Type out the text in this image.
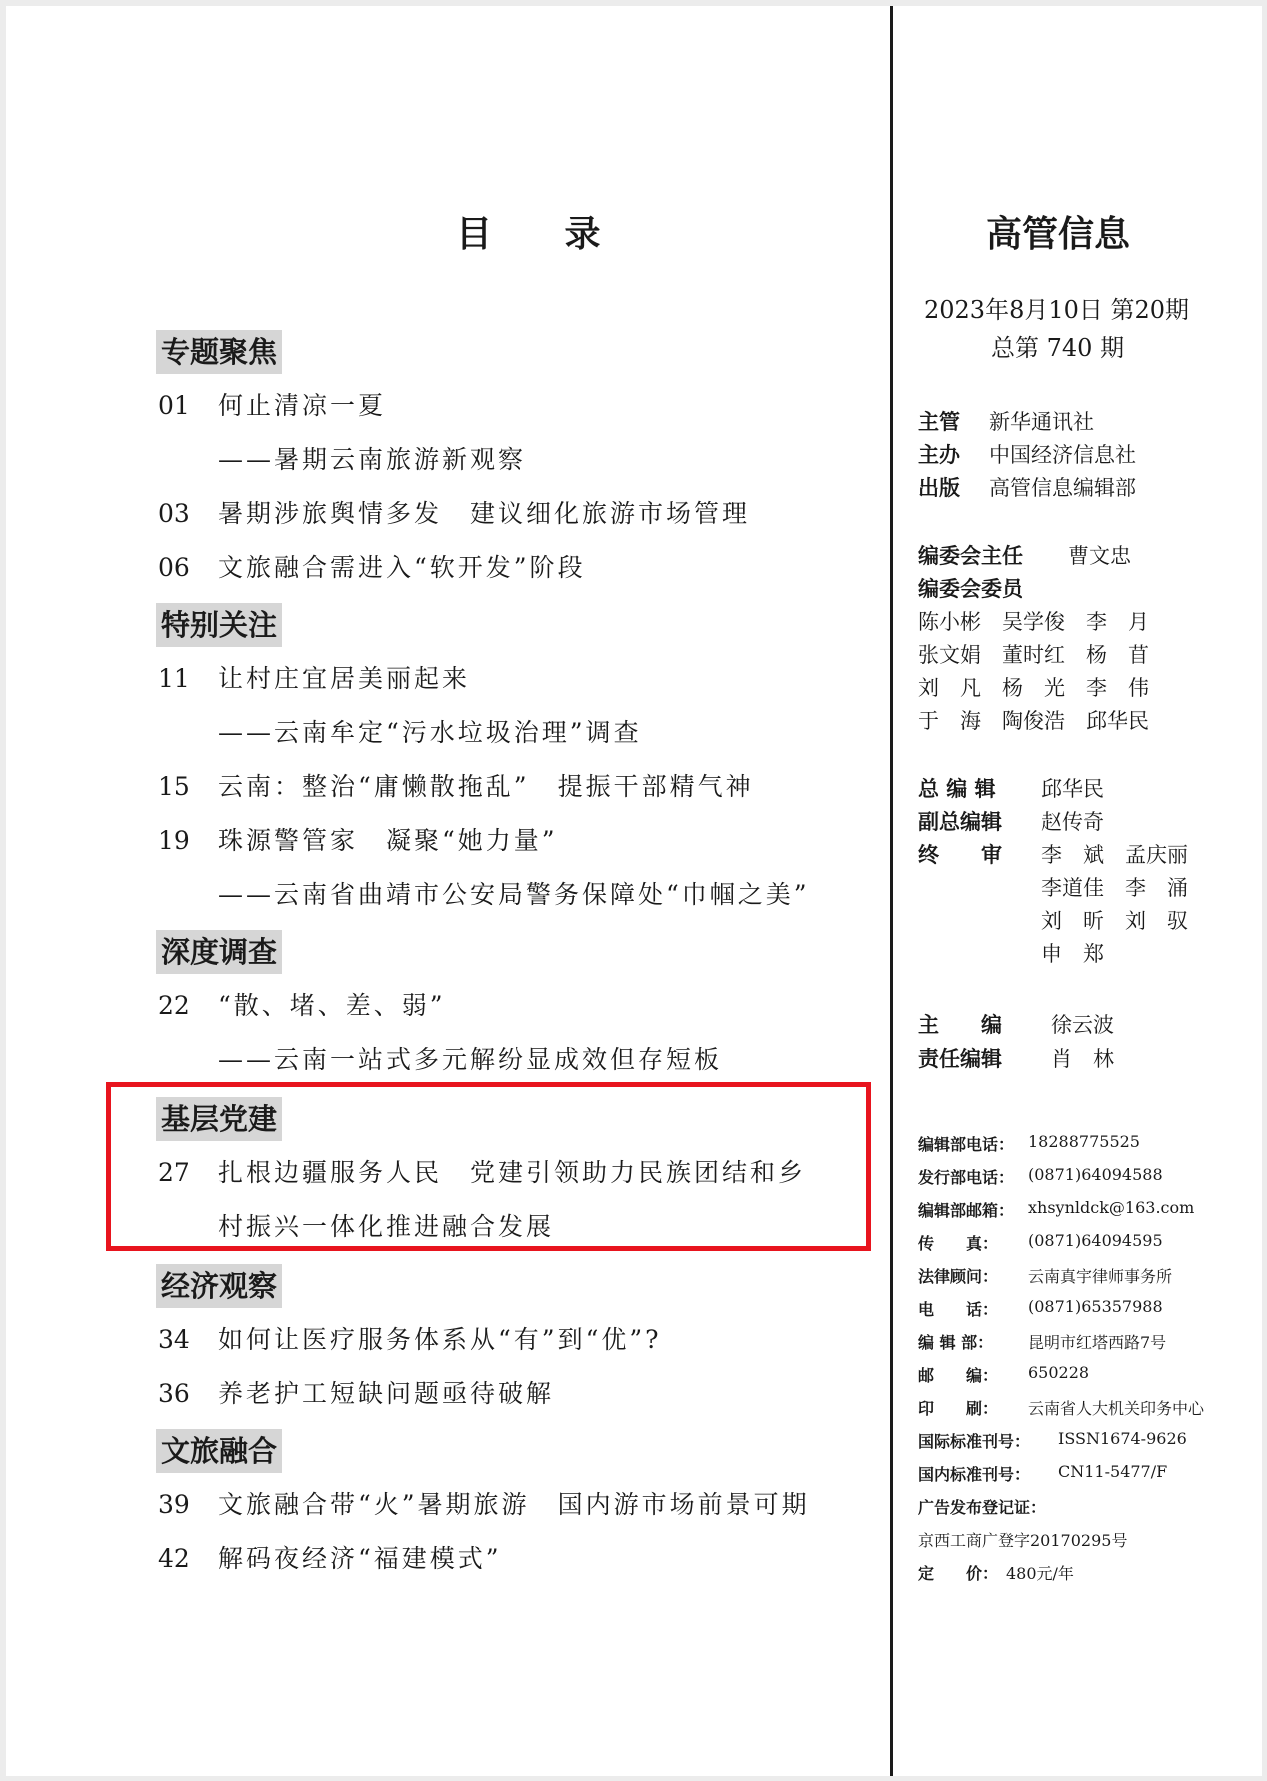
目 录
专题聚焦
01 何止清凉一夏
——暑期云南旅游新观察
03 暑期涉旅舆情多发　建议细化旅游市场管理
06 文旅融合需进入“软开发”阶段
特别关注
11 让村庄宜居美丽起来
——云南牟定“污水垃圾治理”调查
15 云南：整治“庸懒散拖乱”　提振干部精气神
19 珠源警管家　凝聚“她力量”
——云南省曲靖市公安局警务保障处“巾帼之美”
深度调查
22 “散、堵、差、弱”
——云南一站式多元解纷显成效但存短板
基层党建
27 扎根边疆服务人民　党建引领助力民族团结和乡
村振兴一体化推进融合发展
经济观察
34 如何让医疗服务体系从“有”到“优”?
36 养老护工短缺问题亟待破解
文旅融合
39 文旅融合带“火”暑期旅游　国内游市场前景可期
42 解码夜经济“福建模式”
高管信息
2023年8月10日 第20期
总第 740 期
主管 新华通讯社
主办 中国经济信息社
出版 高管信息编辑部
编委会主任 曹文忠
编委会委员
陈小彬　吴学俊　李　月
张文娟　董时红　杨　苜
刘　凡　杨　光　李　伟
于　海　陶俊浩　邱华民
总 编 辑 邱华民
副总编辑 赵传奇
终　　审 李　斌　孟庆丽
李道佳　李　涌
刘　昕　刘　驭
申　郑
主　　编 徐云波
责任编辑 肖　林
编辑部电话： 18288775525
发行部电话： (0871)64094588
编辑部邮箱： xhsynldck@163.com
传　　真： (0871)64094595
法律顾问： 云南真宇律师事务所
电　　话： (0871)65357988
编 辑 部： 昆明市红塔西路7号
邮　　编： 650228
印　　刷： 云南省人大机关印务中心
国际标准刊号： ISSN1674-9626
国内标准刊号： CN11-5477/F
广告发布登记证：
京西工商广登字20170295号
定　　价： 480元/年
